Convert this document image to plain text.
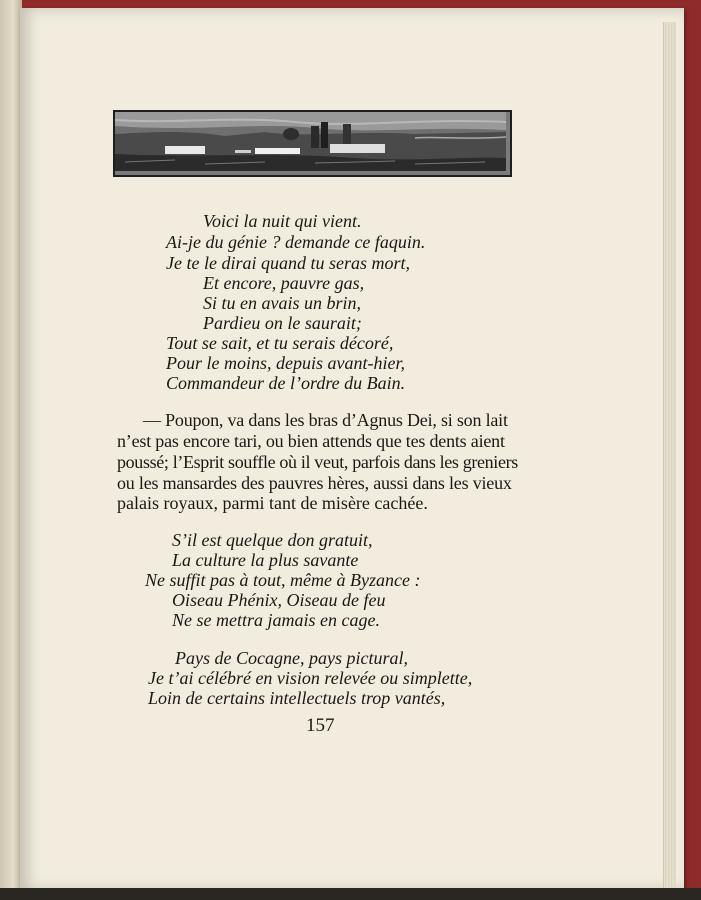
Voici la nuit qui vient.
Ai-je du génie ? demande ce faquin.
Je te le dirai quand tu seras mort,
Et encore, pauvre gas,
Si tu en avais un brin,
Pardieu on le saurait;
Tout se sait, et tu serais décoré,
Pour le moins, depuis avant-hier,
Commandeur de l’ordre du Bain.
— Poupon, va dans les bras d’Agnus Dei, si son lait
n’est pas encore tari, ou bien attends que tes dents aient
poussé; l’Esprit souffle où il veut, parfois dans les greniers
ou les mansardes des pauvres hères, aussi dans les vieux
palais royaux, parmi tant de misère cachée.
S’il est quelque don gratuit,
La culture la plus savante
Ne suffit pas à tout, même à Byzance :
Oiseau Phénix, Oiseau de feu
Ne se mettra jamais en cage.
Pays de Cocagne, pays pictural,
Je t’ai célébré en vision relevée ou simplette,
Loin de certains intellectuels trop vantés,
157
